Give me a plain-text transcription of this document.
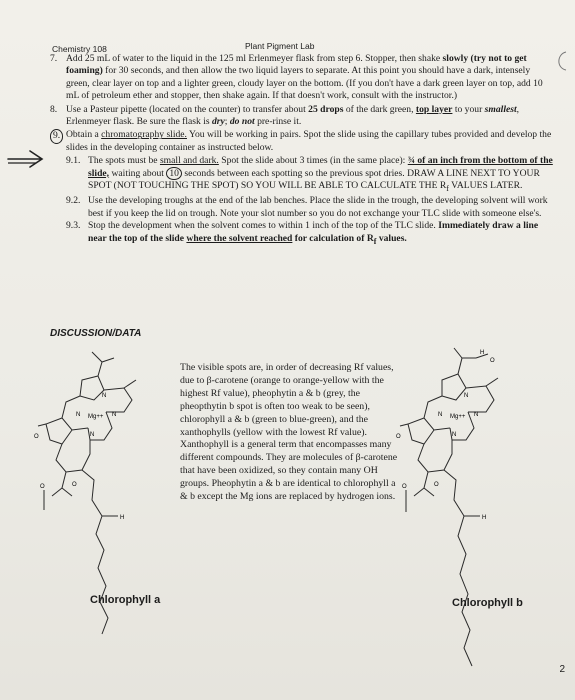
Chemistry 108	Plant Pigment Lab
7. Add 25 mL of water to the liquid in the 125 ml Erlenmeyer flask from step 6. Stopper, then shake slowly (try not to get foaming) for 30 seconds, and then allow the two liquid layers to separate. At this point you should have a dark, intensely green, clear layer on top and a lighter green, cloudy layer on the bottom. (If you don't have a dark green layer on top, add 10 mL of petroleum ether and stopper, then shake again. If that doesn't work, consult with the instructor.)
8. Use a Pasteur pipette (located on the counter) to transfer about 25 drops of the dark green, top layer to your smallest, Erlenmeyer flask. Be sure the flask is dry; do not pre-rinse it.
9. Obtain a chromatography slide. You will be working in pairs. Spot the slide using the capillary tubes provided and develop the slides in the developing container as instructed below.
9.1. The spots must be small and dark. Spot the slide about 3 times (in the same place): ¾ of an inch from the bottom of the slide, waiting about 10 seconds between each spotting so the previous spot dries. DRAW A LINE NEXT TO YOUR SPOT (NOT TOUCHING THE SPOT) SO YOU WILL BE ABLE TO CALCULATE THE $R_f$ VALUES LATER.
9.2. Use the developing troughs at the end of the lab benches. Place the slide in the trough, the developing solvent will work best if you keep the lid on trough. Note your slot number so you do not exchange your TLC slide with someone else's.
9.3. Stop the development when the solvent comes to within 1 inch of the top of the TLC slide. Immediately draw a line near the top of the slide where the solvent reached for calculation of $R_f$ values.
DISCUSSION/DATA
The visible spots are, in order of decreasing Rf values, due to β-carotene (orange to orange-yellow with the highest Rf value), pheophytin a & b (grey, the pheopthytin b spot is often too weak to be seen), chlorophyll a & b (green to blue-green), and the xanthophylls (yellow with the lowest Rf value). Xanthophyll is a general term that encompasses many different compounds. They are molecules of β-carotene that have been oxidized, so they contain many OH groups. Pheophytin a & b are identical to chlorophyll a & b except the Mg ions are replaced by hydrogen ions.
N
N Mg++ N
N
O
O	O
H
H
O
N
N Mg++ N
N
O
O	O
H
Chlorophyll a	Chlorophyll b
2
